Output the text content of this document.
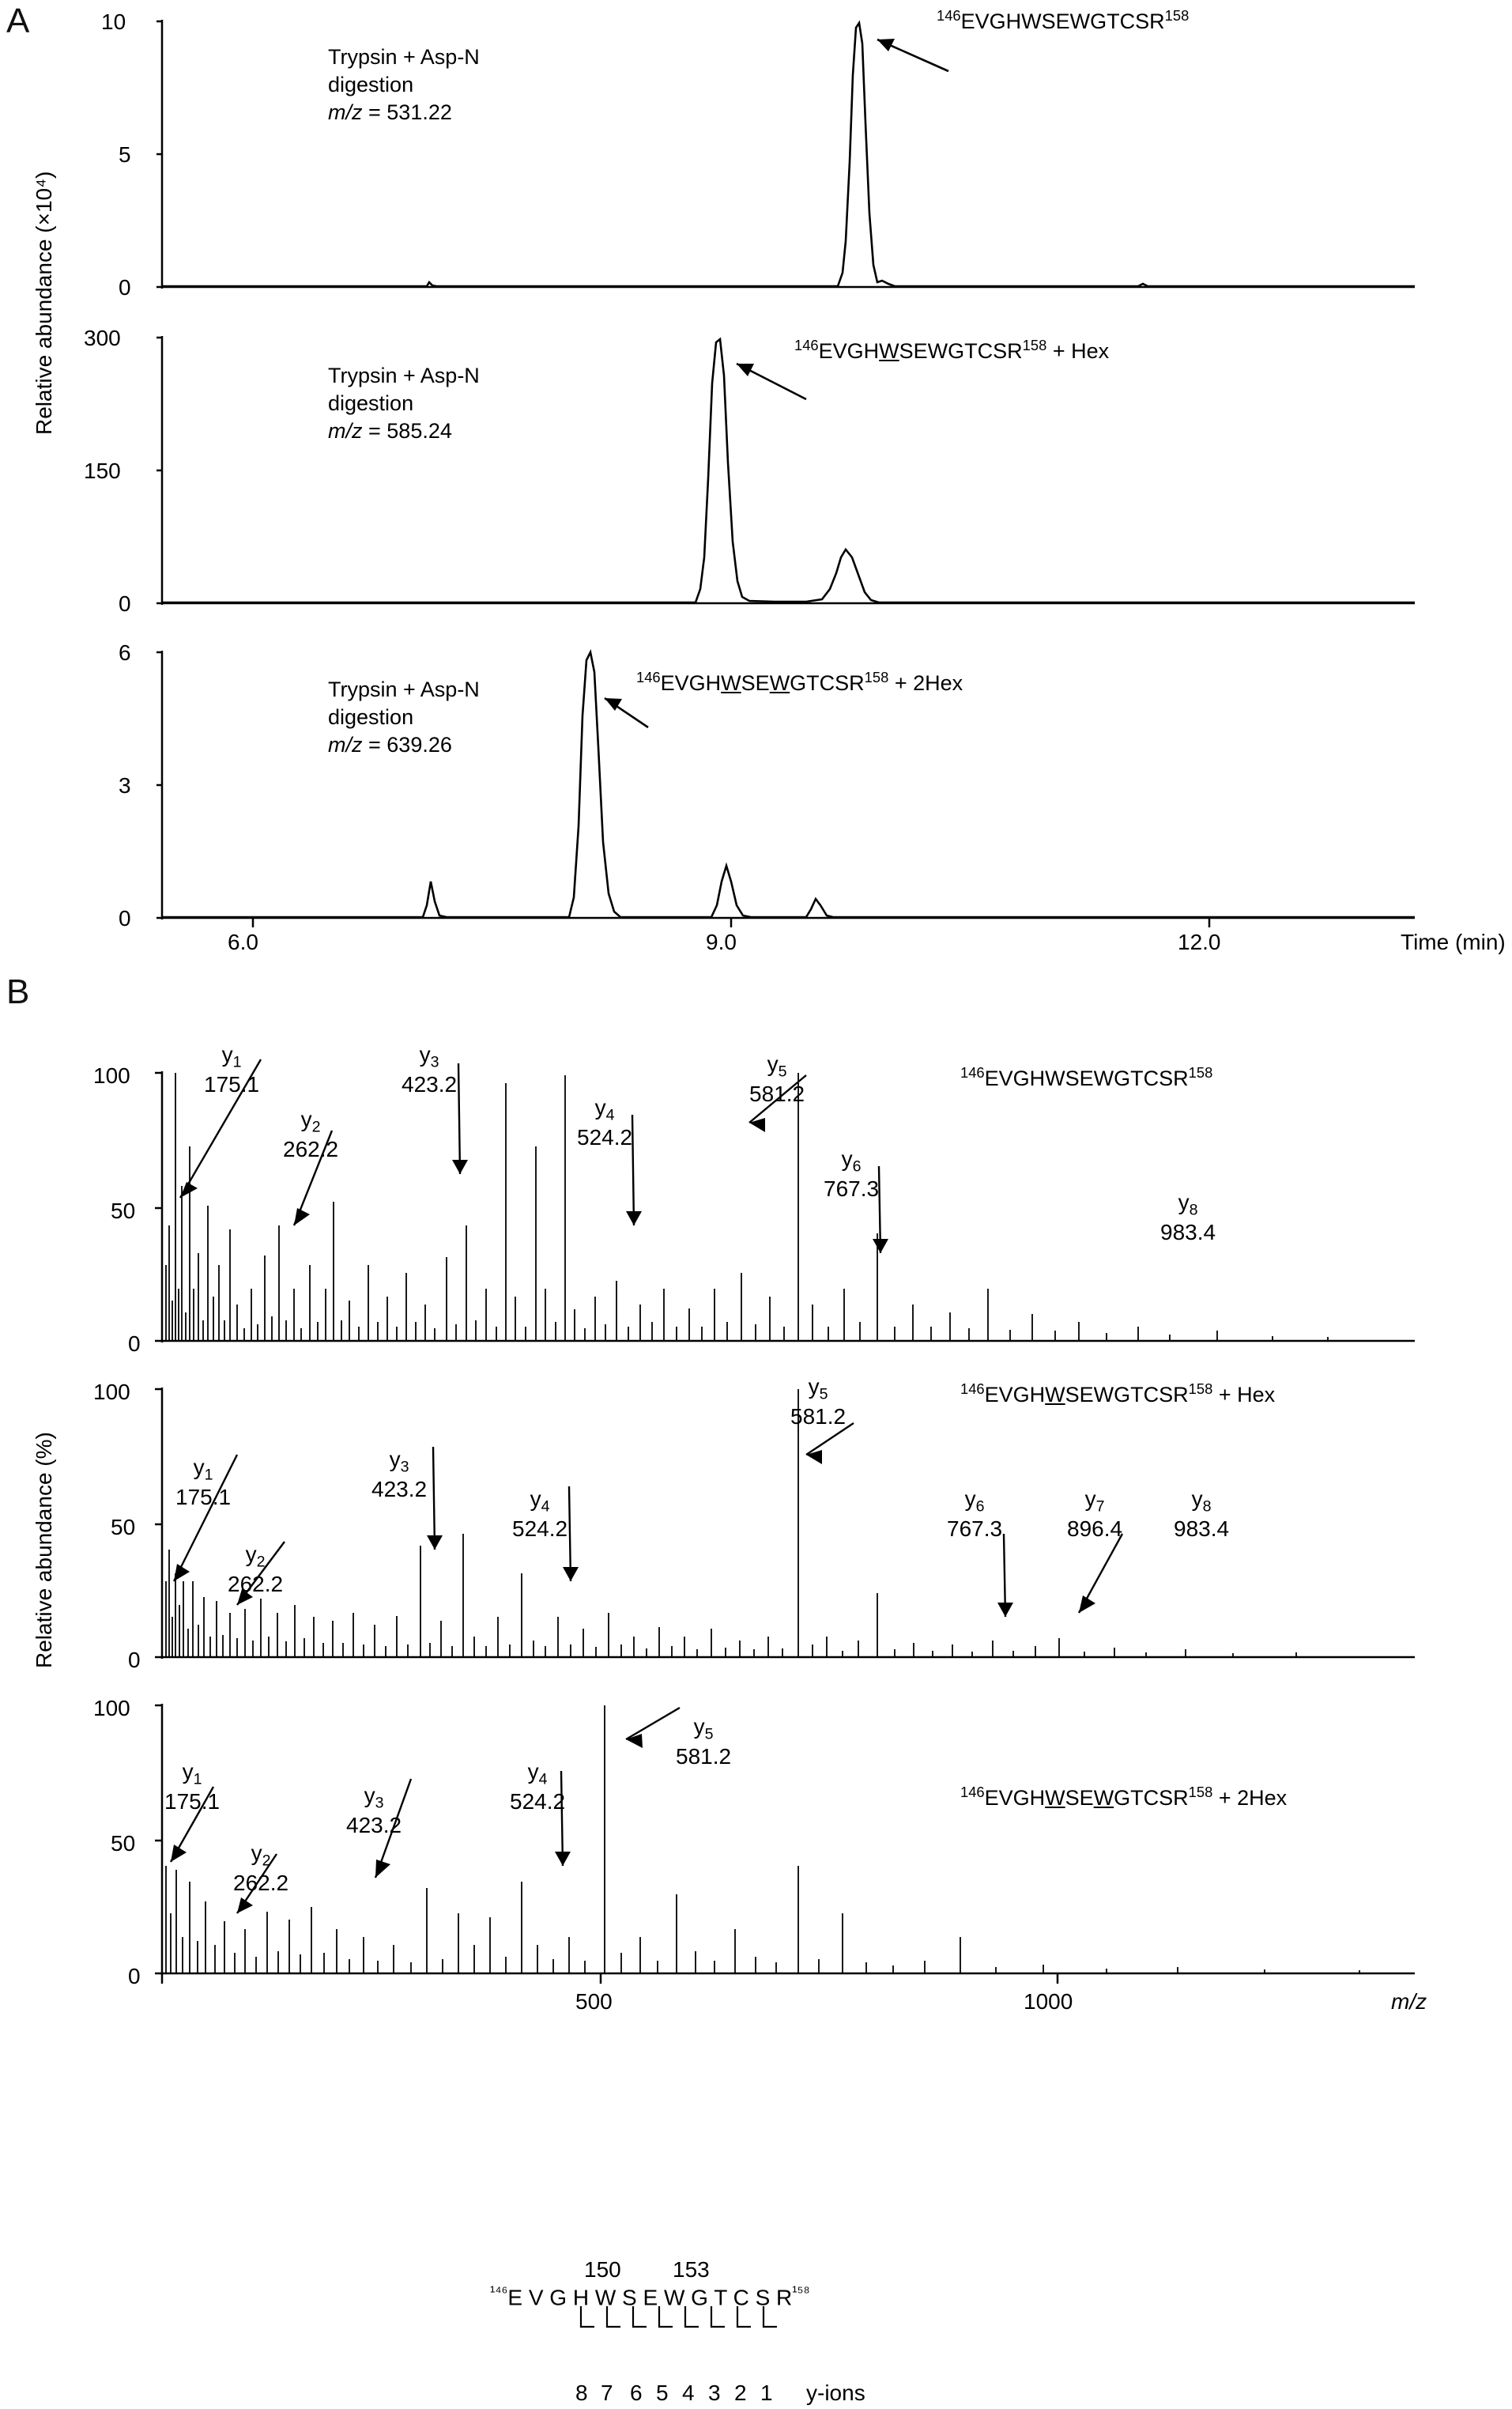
A
Relative abundance (×10⁴)
10
5
0
300
150
0
6
3
0
6.0	9.0	12.0	Time (min)
Trypsin + Asp-N
digestion
m/z = 531.22
$^{146}$EVGHWSEWGTCSR$^{158}$
Trypsin + Asp-N
digestion
m/z = 585.24
$^{146}EVGHWSEWGTCSR^{158}$ + Hex
Trypsin + Asp-N
digestion
m/z = 639.26
$^{146}EVGHWSEWGTCSR^{158} + 2Hex$
B
Relative abundance (%)
100
50
0
100
50
0
100
50
0
500	1000	m/z
$y_1$
175.1
$y_2$
262.2
$y_3$
423.2
$y_4$
524.2
$y_5$
581.2
$y_6$
767.3
$y_8$
983.4
$^{146}$EVGHWSEWGTCSR$^{158}$
$y_1$
175.1
$y_2$
262.2
$y_3$
423.2	$y_4$
524.2
$y_5$
581.2
$y_6$
767.3
$y_7$
896.4
$y_8$
983.4
$^{146}EVGHWSEWGTCSR^{158}$ + Hex
$y_1$
175.1
$y_2$
262.2
$y_3$
423.2
$y_4$
524.2
$y_5$
581.2
$^{146}EVGHWSEWGTCSR^{158} + 2Hex$
150 153
$^{^{146}}$E V G H W S E W G T C S $R^{^{158}}$
8 7 6 5 4 3 2 1 y-ions
